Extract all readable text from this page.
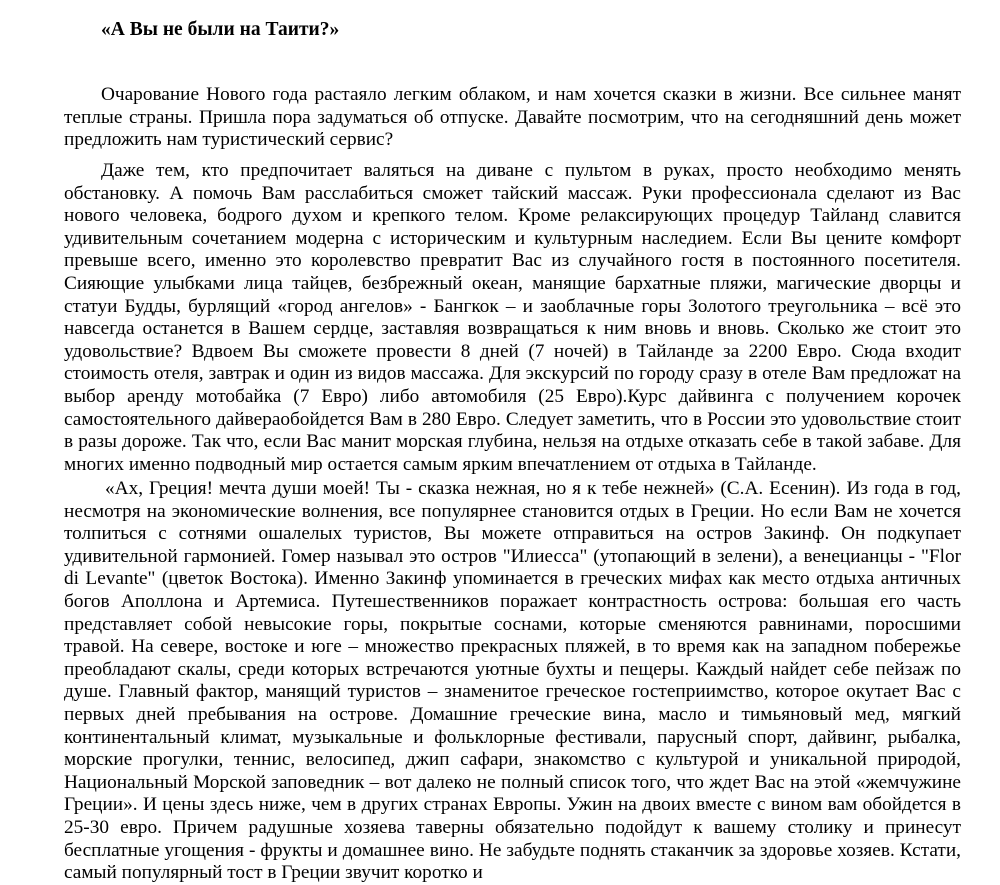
«А Вы не были на Таити?»

Очарование Нового года растаяло легким облаком, и нам хочется сказки в жизни. Все сильнее манят теплые страны. Пришла пора задуматься об отпуске. Давайте посмотрим, что на сегодняшний день может предложить нам туристический сервис?

Даже тем, кто предпочитает валяться на диване с пультом в руках, просто необходимо менять обстановку. А помочь Вам расслабиться сможет тайский массаж. Руки профессионала сделают из Вас нового человека, бодрого духом и крепкого телом. Кроме релаксирующих процедур Тайланд славится удивительным сочетанием модерна с историческим и культурным наследием. Если Вы цените комфорт превыше всего, именно это королевство превратит Вас из случайного гостя в постоянного посетителя. Сияющие улыбками лица тайцев, безбрежный океан, манящие бархатные пляжи, магические дворцы и статуи Будды, бурлящий «город ангелов» - Бангкок – и заоблачные горы Золотого треугольника – всё это навсегда останется в Вашем сердце, заставляя возвращаться к ним вновь и вновь. Сколько же стоит это удовольствие? Вдвоем Вы сможете провести 8 дней (7 ночей) в Тайланде за 2200 Евро. Сюда входит стоимость отеля, завтрак и один из видов массажа. Для экскурсий по городу сразу в отеле Вам предложат на выбор аренду мотобайка (7 Евро) либо автомобиля (25 Евро).Курс дайвинга с получением корочек самостоятельного дайвераобойдется Вам в 280 Евро. Следует заметить, что в России это удовольствие стоит в разы дороже. Так что, если Вас манит морская глубина, нельзя на отдыхе отказать себе в такой забаве. Для многих именно подводный мир остается самым ярким впечатлением от отдыха в Тайланде.

«Ах, Греция! мечта души моей! Ты - сказка нежная, но я к тебе нежней» (С.А. Есенин). Из года в год, несмотря на экономические волнения, все популярнее становится отдых в Греции. Но если Вам не хочется толпиться с сотнями ошалелых туристов, Вы можете отправиться на остров Закинф. Он подкупает удивительной гармонией. Гомер называл это остров "Илиесса" (утопающий в зелени), а венецианцы - "Flor di Levante" (цветок Востока). Именно Закинф упоминается в греческих мифах как место отдыха античных богов Аполлона и Артемиса. Путешественников поражает контрастность острова: большая его часть представляет собой невысокие горы, покрытые соснами, которые сменяются равнинами, поросшими травой. На севере, востоке и юге – множество прекрасных пляжей, в то время как на западном побережье преобладают скалы, среди которых встречаются уютные бухты и пещеры. Каждый найдет себе пейзаж по душе. Главный фактор, манящий туристов – знаменитое греческое гостеприимство, которое окутает Вас с первых дней пребывания на острове. Домашние греческие вина, масло и тимьяновый мед, мягкий континентальный климат, музыкальные и фольклорные фестивали, парусный спорт, дайвинг, рыбалка, морские прогулки, теннис, велосипед, джип сафари, знакомство с культурой и уникальной природой, Национальный Морской заповедник – вот далеко не полный список того, что ждет Вас на этой «жемчужине Греции». И цены здесь ниже, чем в других странах Европы. Ужин на двоих вместе с вином вам обойдется в 25-30 евро. Причем радушные хозяева таверны обязательно подойдут к вашему столику и принесут бесплатные угощения - фрукты и домашнее вино. Не забудьте поднять стаканчик за здоровье хозяев. Кстати, самый популярный тост в Греции звучит коротко и
